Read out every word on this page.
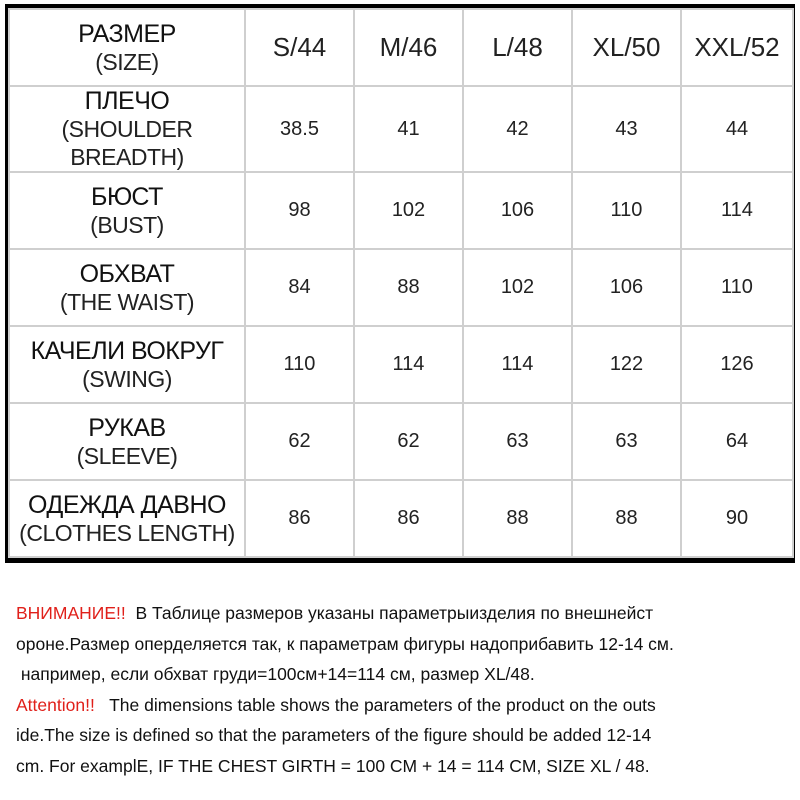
РАЗМЕР
(SIZE)	S/44	M/46	L/48	XL/50	XXL/52

ПЛЕЧО
(SHOULDER BREADTH)	38.5	41	42	43	44

БЮСТ
(BUST)	98	102	106	110	114

ОБХВАТ
(THE WAIST)	84	88	102	106	110

КАЧЕЛИ ВОКРУГ
(SWING)	110	114	114	122	126

РУКАВ
(SLEEVE)	62	62	63	63	64

ОДЕЖДА ДАВНО
(CLOTHES LENGTH)	86	86	88	88	90
ВНИМАНИЕ!!  В Таблице размеров указаны параметрыизделия по внешнейст
ороне.Размер оперделяется так, к параметрам фигуры надоприбавить 12-14 см.
например, если обхват груди=100см+14=114 см, размер XL/48.
Attention!!   The dimensions table shows the parameters of the product on the outs
ide.The size is defined so that the parameters of the figure should be added 12-14
cm. For examplE, IF THE CHEST GIRTH = 100 CM + 14 = 114 CM, SIZE XL / 48.
